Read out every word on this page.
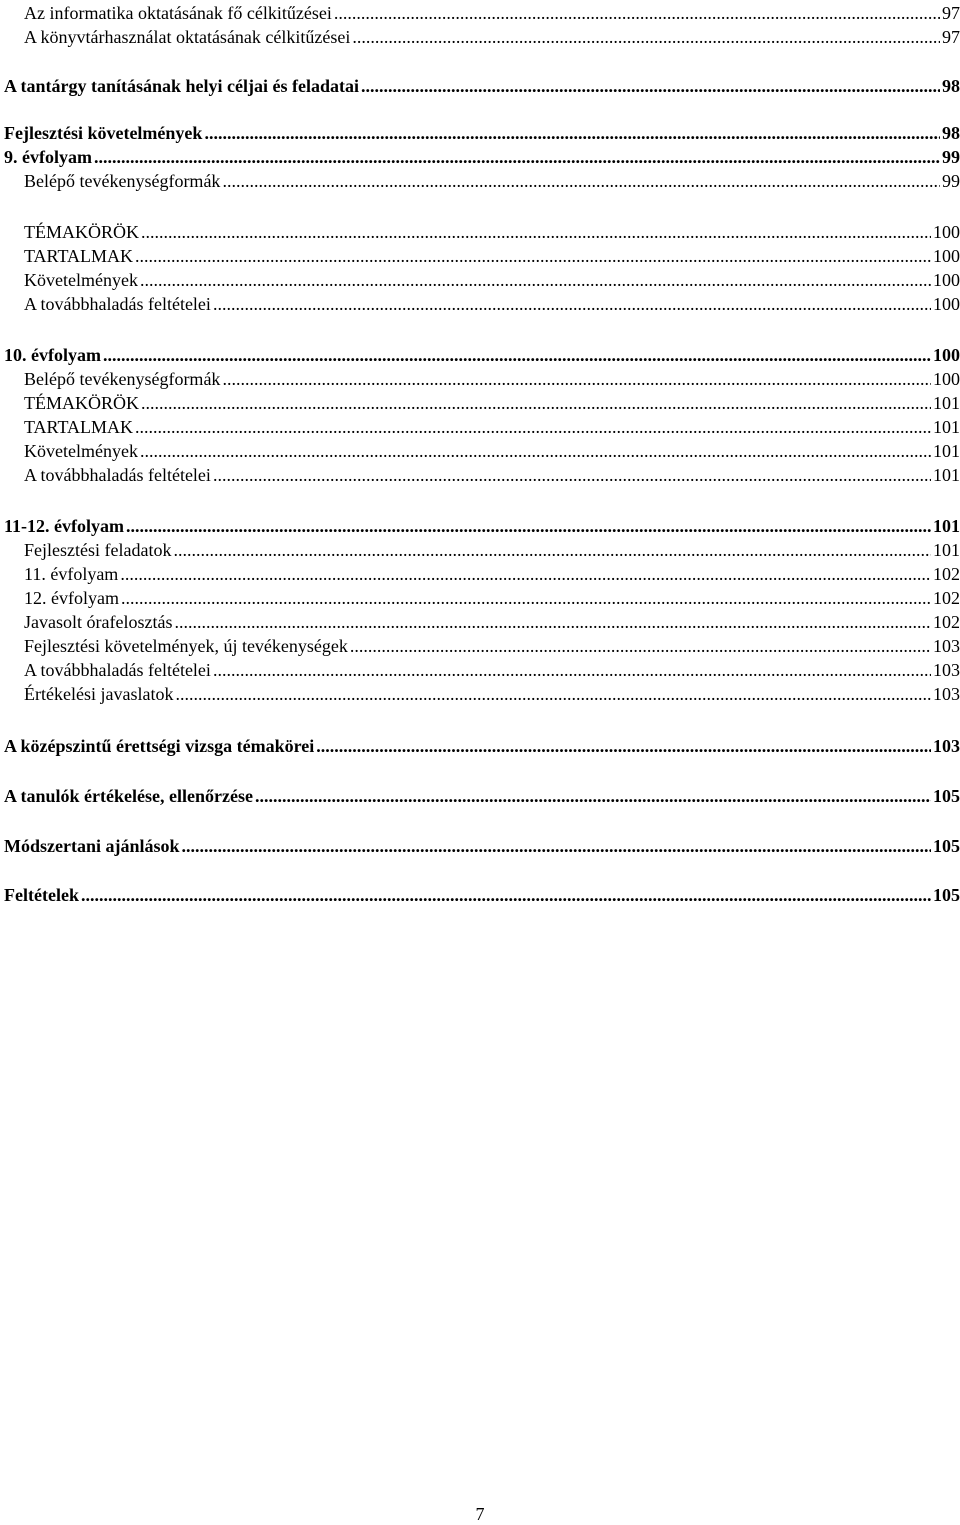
Az informatika oktatásának fő célkitűzései .....	97
A könyvtárhasználat oktatásának célkitűzései .....	97
A tantárgy tanításának helyi céljai és feladatai .....	98
Fejlesztési követelmények .....	98
9. évfolyam .....	99
Belépő tevékenységformák .....	99
TÉMAKÖRÖK .....	100
TARTALMAK .....	100
Követelmények .....	100
A továbbhaladás feltételei .....	100
10. évfolyam .....	100
Belépő tevékenységformák .....	100
TÉMAKÖRÖK .....	101
TARTALMAK .....	101
Követelmények .....	101
A továbbhaladás feltételei .....	101
11-12. évfolyam .....	101
Fejlesztési feladatok .....	101
11. évfolyam .....	102
12. évfolyam .....	102
Javasolt órafelosztás .....	102
Fejlesztési követelmények, új tevékenységek .....	103
A továbbhaladás feltételei .....	103
Értékelési javaslatok .....	103
A középszintű érettségi vizsga témakörei .....	103
A tanulók értékelése, ellenőrzése .....	105
Módszertani ajánlások .....	105
Feltételek .....	105
7
